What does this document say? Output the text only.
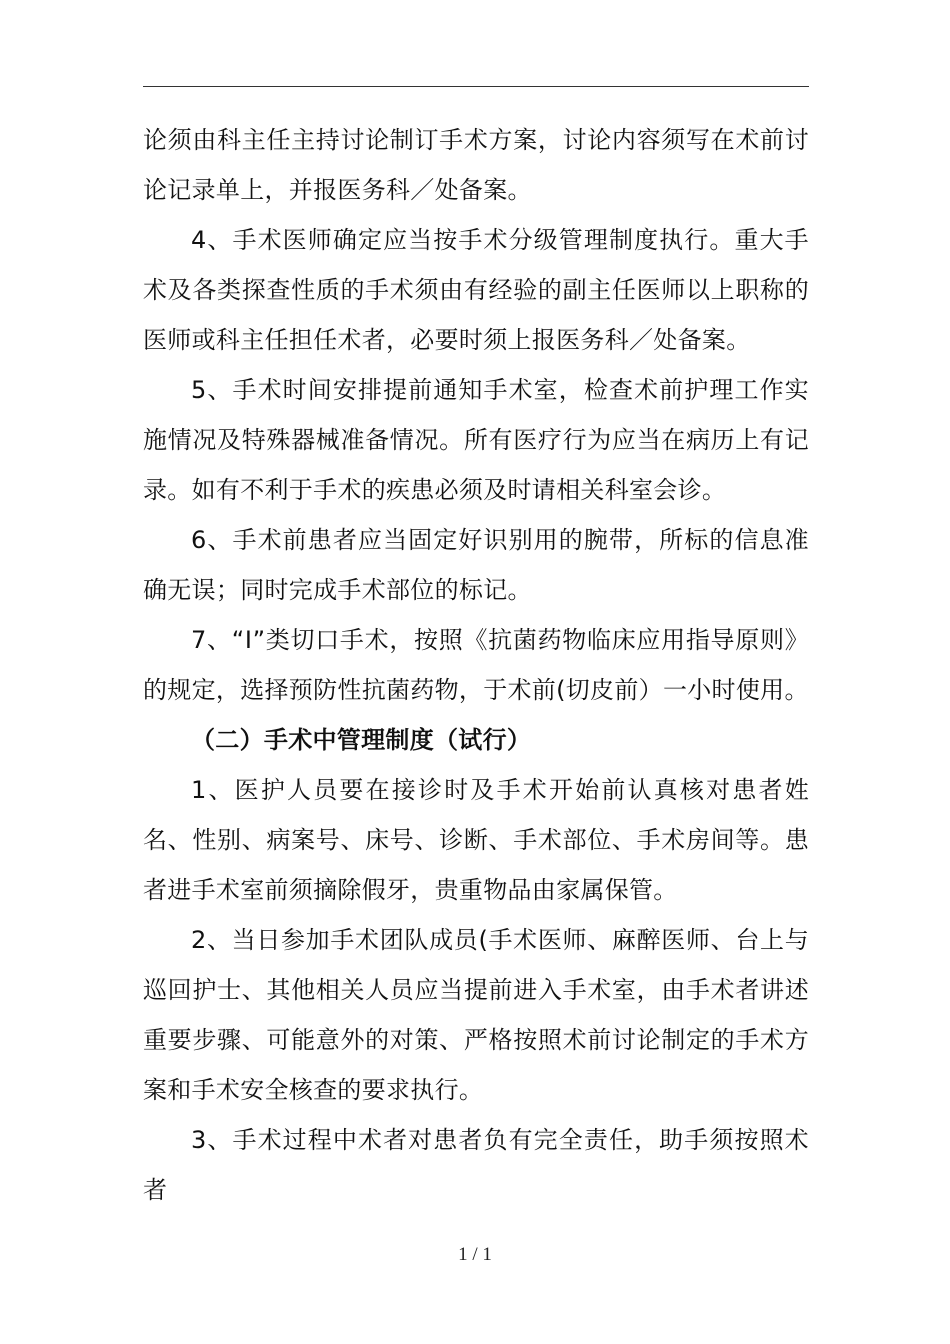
论须由科主任主持讨论制订手术方案，讨论内容须写在术前讨论记录单上，并报医务科／处备案。

4、手术医师确定应当按手术分级管理制度执行。重大手术及各类探查性质的手术须由有经验的副主任医师以上职称的医师或科主任担任术者，必要时须上报医务科／处备案。

5、手术时间安排提前通知手术室，检查术前护理工作实施情况及特殊器械准备情况。所有医疗行为应当在病历上有记录。如有不利于手术的疾患必须及时请相关科室会诊。

6、手术前患者应当固定好识别用的腕带，所标的信息准确无误；同时完成手术部位的标记。

7、“Ⅰ”类切口手术，按照《抗菌药物临床应用指导原则》的规定，选择预防性抗菌药物，于术前(切皮前）一小时使用。

（二）手术中管理制度（试行）

1、医护人员要在接诊时及手术开始前认真核对患者姓名、性别、病案号、床号、诊断、手术部位、手术房间等。患者进手术室前须摘除假牙，贵重物品由家属保管。

2、当日参加手术团队成员(手术医师、麻醉医师、台上与巡回护士、其他相关人员应当提前进入手术室，由手术者讲述重要步骤、可能意外的对策、严格按照术前讨论制定的手术方案和手术安全核查的要求执行。

3、手术过程中术者对患者负有完全责任，助手须按照术者

1 / 1
